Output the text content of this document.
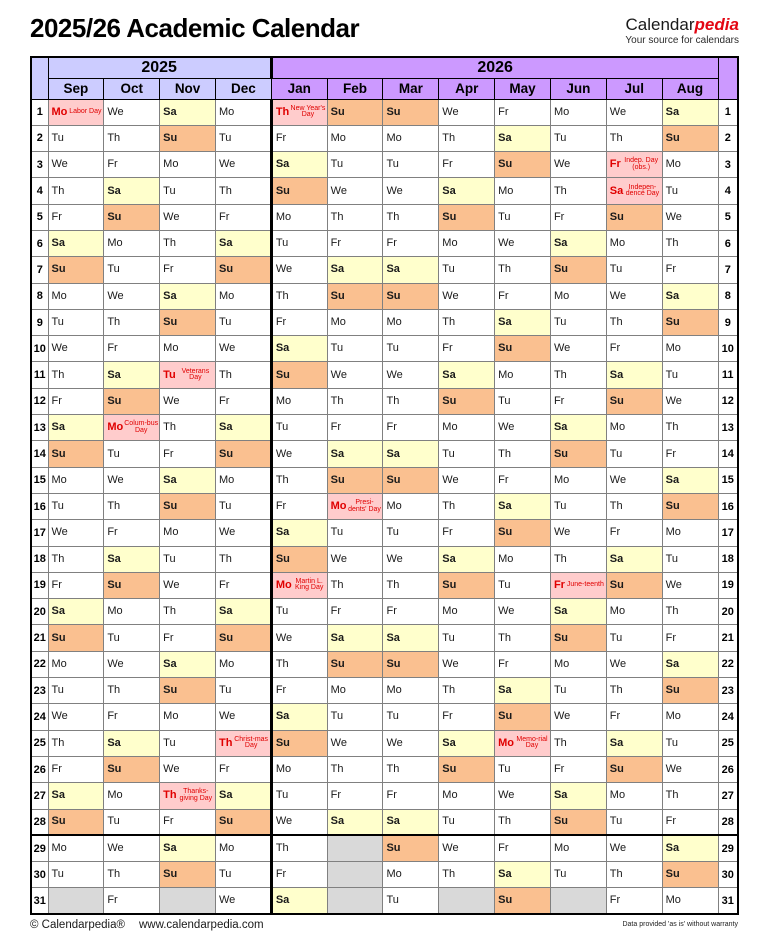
2025/26 Academic Calendar	Calendarpedia
Your source for calendars
	2025				2026								
	Sep	Oct	Nov	Dec	Jan	Feb	Mar	Apr	May	Jun	Jul	Aug	
1	Mo Labor Day	We	Sa	Mo	Th New Year's Day	Su	Su	We	Fr	Mo	We	Sa	1
2	Tu	Th	Su	Tu	Fr	Mo	Mo	Th	Sa	Tu	Th	Su	2
3	We	Fr	Mo	We	Sa	Tu	Tu	Fr	Su	We	Fr Indep. Day (obs.)	Mo	3
4	Th	Sa	Tu	Th	Su	We	We	Sa	Mo	Th	Sa Indepen-dence Day	Tu	4
5	Fr	Su	We	Fr	Mo	Th	Th	Su	Tu	Fr	Su	We	5
6	Sa	Mo	Th	Sa	Tu	Fr	Fr	Mo	We	Sa	Mo	Th	6
7	Su	Tu	Fr	Su	We	Sa	Sa	Tu	Th	Su	Tu	Fr	7
8	Mo	We	Sa	Mo	Th	Su	Su	We	Fr	Mo	We	Sa	8
9	Tu	Th	Su	Tu	Fr	Mo	Mo	Th	Sa	Tu	Th	Su	9
10	We	Fr	Mo	We	Sa	Tu	Tu	Fr	Su	We	Fr	Mo	10
11	Th	Sa	Tu Veterans Day	Th	Su	We	We	Sa	Mo	Th	Sa	Tu	11
12	Fr	Su	We	Fr	Mo	Th	Th	Su	Tu	Fr	Su	We	12
13	Sa	Mo Colum-bus Day	Th	Sa	Tu	Fr	Fr	Mo	We	Sa	Mo	Th	13
14	Su	Tu	Fr	Su	We	Sa	Sa	Tu	Th	Su	Tu	Fr	14
15	Mo	We	Sa	Mo	Th	Su	Su	We	Fr	Mo	We	Sa	15
16	Tu	Th	Su	Tu	Fr	Mo Presi-dents' Day	Mo	Th	Sa	Tu	Th	Su	16
17	We	Fr	Mo	We	Sa	Tu	Tu	Fr	Su	We	Fr	Mo	17
18	Th	Sa	Tu	Th	Su	We	We	Sa	Mo	Th	Sa	Tu	18
19	Fr	Su	We	Fr	Mo Martin L. King Day	Th	Th	Su	Tu	Fr June-teenth	Su	We	19
20	Sa	Mo	Th	Sa	Tu	Fr	Fr	Mo	We	Sa	Mo	Th	20
21	Su	Tu	Fr	Su	We	Sa	Sa	Tu	Th	Su	Tu	Fr	21
22	Mo	We	Sa	Mo	Th	Su	Su	We	Fr	Mo	We	Sa	22
23	Tu	Th	Su	Tu	Fr	Mo	Mo	Th	Sa	Tu	Th	Su	23
24	We	Fr	Mo	We	Sa	Tu	Tu	Fr	Su	We	Fr	Mo	24
25	Th	Sa	Tu	Th Christ-mas Day	Su	We	We	Sa	Mo Memo-rial Day	Th	Sa	Tu	25
26	Fr	Su	We	Fr	Mo	Th	Th	Su	Tu	Fr	Su	We	26
27	Sa	Mo	Th Thanks-giving Day	Sa	Tu	Fr	Fr	Mo	We	Sa	Mo	Th	27
28	Su	Tu	Fr	Su	We	Sa	Sa	Tu	Th	Su	Tu	Fr	28
29	Mo	We	Sa	Mo	Th		Su	We	Fr	Mo	We	Sa	29
30	Tu	Th	Su	Tu	Fr		Mo	Th	Sa	Tu	Th	Su	30
31		Fr		We	Sa		Tu		Su		Fr	Mo	31
© Calendarpedia® www.calendarpedia.com	Data provided 'as is' without warranty
